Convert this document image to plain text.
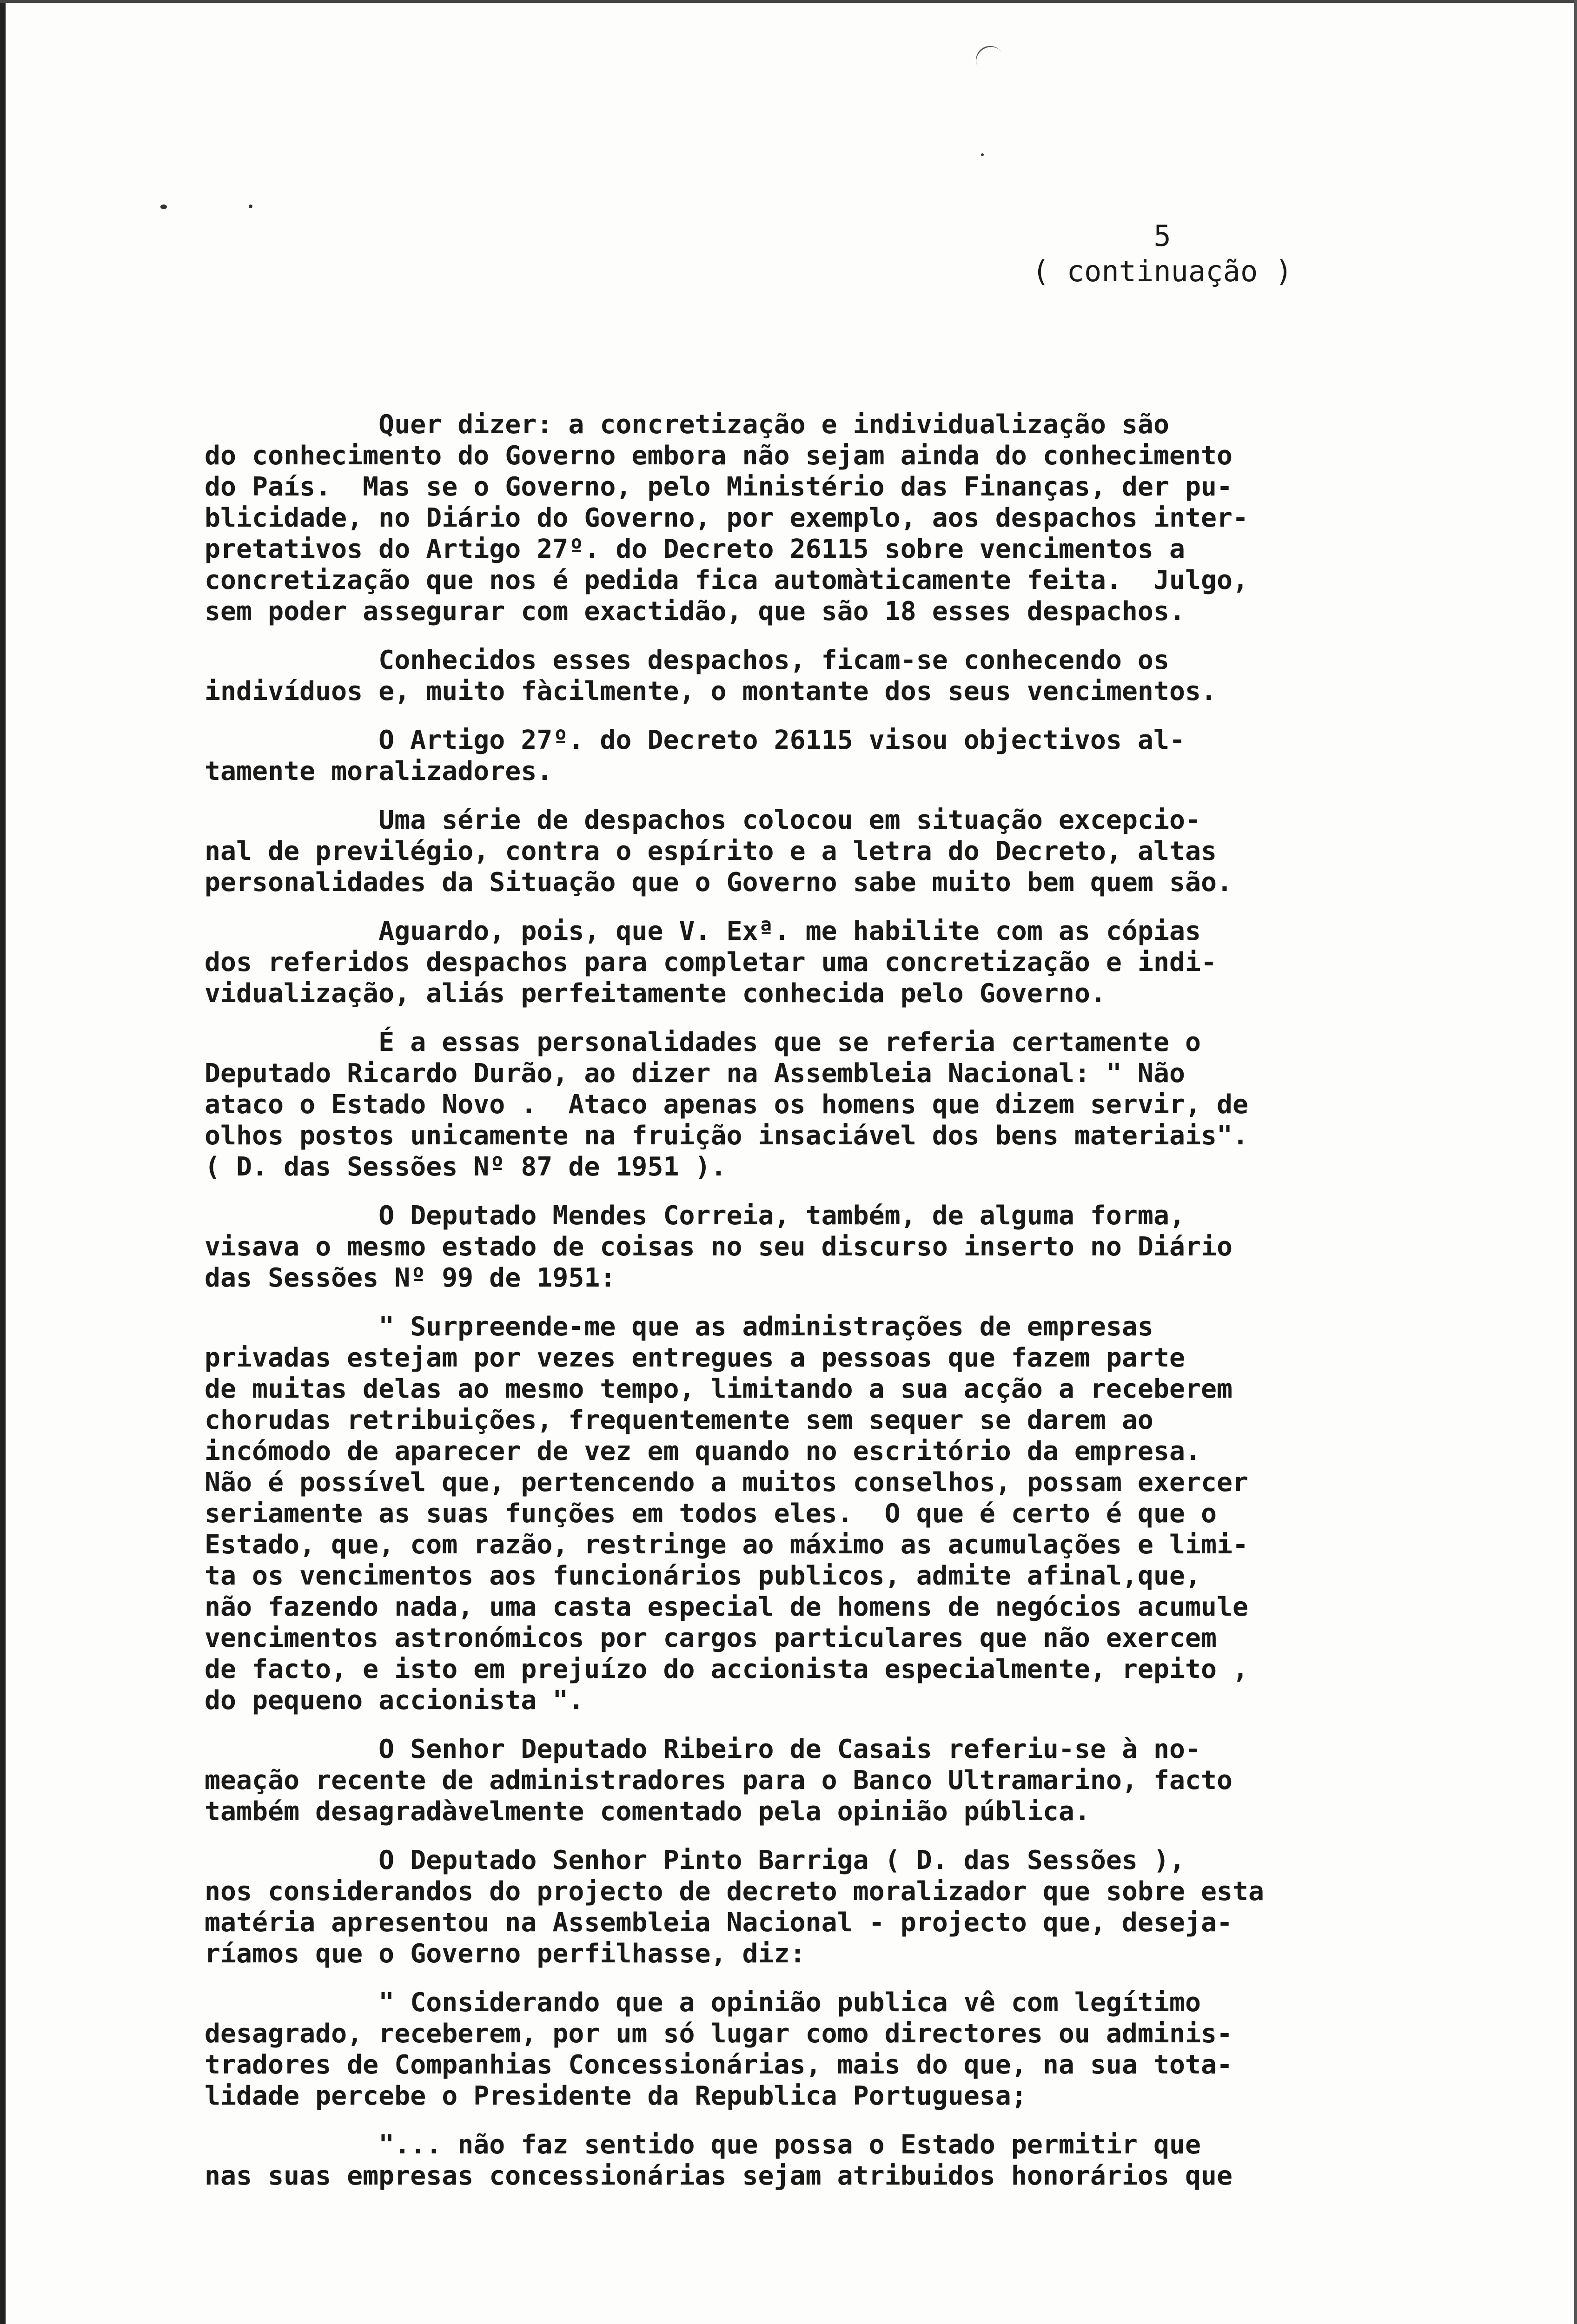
5
( continuação )
Quer dizer: a concretização e individualização são
do conhecimento do Governo embora não sejam ainda do conhecimento
do País.  Mas se o Governo, pelo Ministério das Finanças, der pu-
blicidade, no Diário do Governo, por exemplo, aos despachos inter-
pretativos do Artigo 27º. do Decreto 26115 sobre vencimentos a
concretização que nos é pedida fica automàticamente feita.  Julgo,
sem poder assegurar com exactidão, que são 18 esses despachos.
Conhecidos esses despachos, ficam-se conhecendo os
indivíduos e, muito fàcilmente, o montante dos seus vencimentos.
O Artigo 27º. do Decreto 26115 visou objectivos al-
tamente moralizadores.
Uma série de despachos colocou em situação excepcio-
nal de previlégio, contra o espírito e a letra do Decreto, altas
personalidades da Situação que o Governo sabe muito bem quem são.
Aguardo, pois, que V. Exª. me habilite com as cópias
dos referidos despachos para completar uma concretização e indi-
vidualização, aliás perfeitamente conhecida pelo Governo.
É a essas personalidades que se referia certamente o
Deputado Ricardo Durão, ao dizer na Assembleia Nacional: " Não
ataco o Estado Novo .  Ataco apenas os homens que dizem servir, de
olhos postos unicamente na fruição insaciável dos bens materiais".
( D. das Sessões Nº 87 de 1951 ).
O Deputado Mendes Correia, também, de alguma forma,
visava o mesmo estado de coisas no seu discurso inserto no Diário
das Sessões Nº 99 de 1951:
" Surpreende-me que as administrações de empresas
privadas estejam por vezes entregues a pessoas que fazem parte
de muitas delas ao mesmo tempo, limitando a sua acção a receberem
chorudas retribuições, frequentemente sem sequer se darem ao
incómodo de aparecer de vez em quando no escritório da empresa.
Não é possível que, pertencendo a muitos conselhos, possam exercer
seriamente as suas funções em todos eles.  O que é certo é que o
Estado, que, com razão, restringe ao máximo as acumulações e limi-
ta os vencimentos aos funcionários publicos, admite afinal,que,
não fazendo nada, uma casta especial de homens de negócios acumule
vencimentos astronómicos por cargos particulares que não exercem
de facto, e isto em prejuízo do accionista especialmente, repito ,
do pequeno accionista ".
O Senhor Deputado Ribeiro de Casais referiu-se à no-
meação recente de administradores para o Banco Ultramarino, facto
também desagradàvelmente comentado pela opinião pública.
O Deputado Senhor Pinto Barriga ( D. das Sessões ),
nos considerandos do projecto de decreto moralizador que sobre esta
matéria apresentou na Assembleia Nacional - projecto que, deseja-
ríamos que o Governo perfilhasse, diz:
" Considerando que a opinião publica vê com legítimo
desagrado, receberem, por um só lugar como directores ou adminis-
tradores de Companhias Concessionárias, mais do que, na sua tota-
lidade percebe o Presidente da Republica Portuguesa;
"... não faz sentido que possa o Estado permitir que
nas suas empresas concessionárias sejam atribuidos honorários que
